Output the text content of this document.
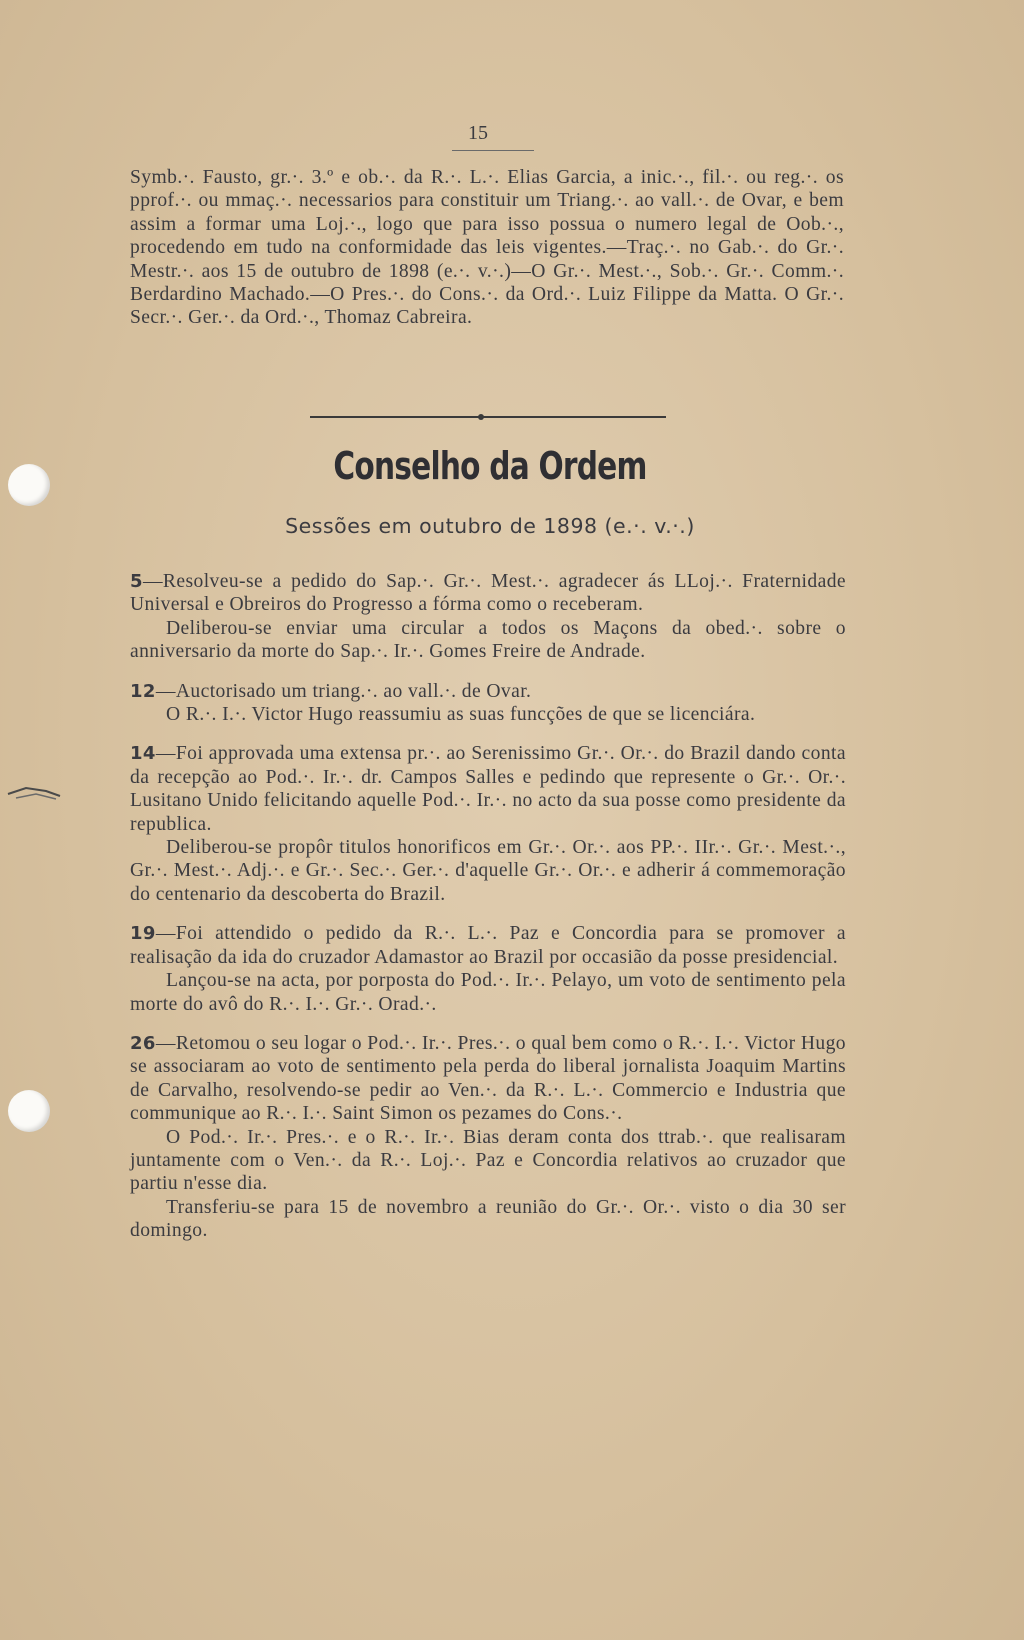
15

Symb.·. Fausto, gr.·. 3.º e ob.·. da R.·. L.·. Elias Garcia, a inic.·., fil.·. ou reg.·. os pprof.·. ou mmaç.·. necessarios para constituir um Triang.·. ao vall.·. de Ovar, e bem assim a formar uma Loj.·., logo que para isso possua o numero legal de Oob.·., procedendo em tudo na conformidade das leis vigentes.—Traç.·. no Gab.·. do Gr.·. Mestr.·. aos 15 de outubro de 1898 (e.·. v.·.)—O Gr.·. Mest.·., Sob.·. Gr.·. Comm.·. Berdardino Machado.—O Pres.·. do Cons.·. da Ord.·. Luiz Filippe da Matta. O Gr.·. Secr.·. Ger.·. da Ord.·., Thomaz Cabreira.

Conselho da Ordem
Sessões em outubro de 1898 (e.·. v.·.)

5—Resolveu-se a pedido do Sap.·. Gr.·. Mest.·. agradecer ás LLoj.·. Fraternidade Universal e Obreiros do Progresso a fórma como o receberam.

Deliberou-se enviar uma circular a todos os Maçons da obed.·. sobre o anniversario da morte do Sap.·. Ir.·. Gomes Freire de Andrade.

12—Auctorisado um triang.·. ao vall.·. de Ovar.

O R.·. I.·. Victor Hugo reassumiu as suas funcções de que se licenciára.

14—Foi approvada uma extensa pr.·. ao Serenissimo Gr.·. Or.·. do Brazil dando conta da recepção ao Pod.·. Ir.·. dr. Campos Salles e pedindo que represente o Gr.·. Or.·. Lusitano Unido felicitando aquelle Pod.·. Ir.·. no acto da sua posse como presidente da republica.

Deliberou-se propôr titulos honorificos em Gr.·. Or.·. aos PP.·. IIr.·. Gr.·. Mest.·., Gr.·. Mest.·. Adj.·. e Gr.·. Sec.·. Ger.·. d'aquelle Gr.·. Or.·. e adherir á commemoração do centenario da descoberta do Brazil.

19—Foi attendido o pedido da R.·. L.·. Paz e Concordia para se promover a realisação da ida do cruzador Adamastor ao Brazil por occasião da posse presidencial.

Lançou-se na acta, por porposta do Pod.·. Ir.·. Pelayo, um voto de sentimento pela morte do avô do R.·. I.·. Gr.·. Orad.·.

26—Retomou o seu logar o Pod.·. Ir.·. Pres.·. o qual bem como o R.·. I.·. Victor Hugo se associaram ao voto de sentimento pela perda do liberal jornalista Joaquim Martins de Carvalho, resolvendo-se pedir ao Ven.·. da R.·. L.·. Commercio e Industria que communique ao R.·. I.·. Saint Simon os pezames do Cons.·.

O Pod.·. Ir.·. Pres.·. e o R.·. Ir.·. Bias deram conta dos ttrab.·. que realisaram juntamente com o Ven.·. da R.·. Loj.·. Paz e Concordia relativos ao cruzador que partiu n'esse dia.

Transferiu-se para 15 de novembro a reunião do Gr.·. Or.·. visto o dia 30 ser domingo.
